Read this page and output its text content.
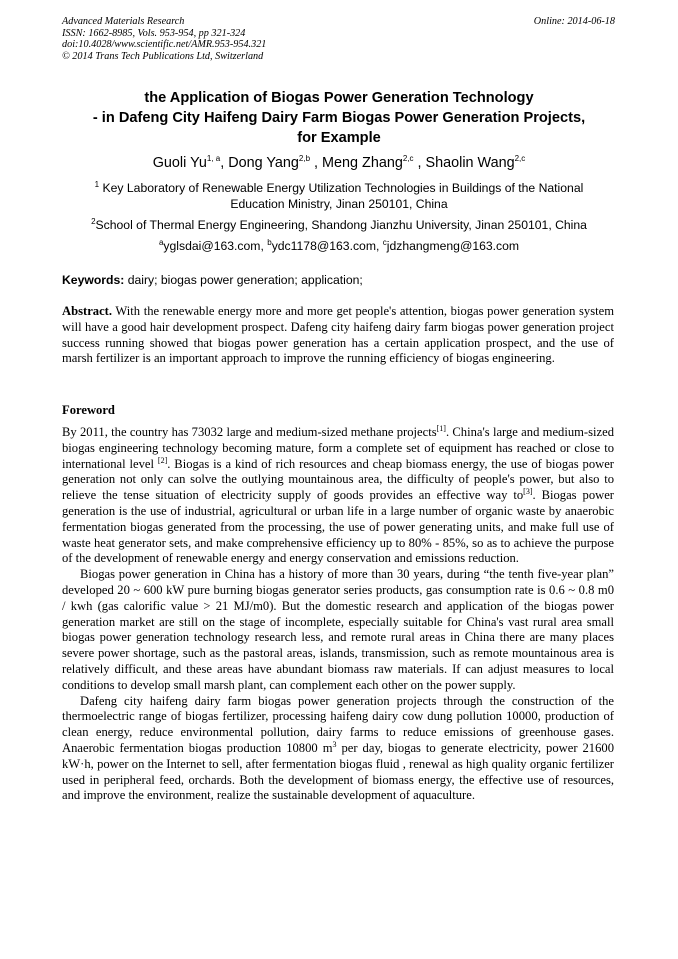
Advanced Materials Research
ISSN: 1662-8985, Vols. 953-954, pp 321-324
doi:10.4028/www.scientific.net/AMR.953-954.321
© 2014 Trans Tech Publications Ltd, Switzerland
Online: 2014-06-18
the Application of Biogas Power Generation Technology
- in Dafeng City Haifeng Dairy Farm Biogas Power Generation Projects,
for Example
Guoli Yu$^{1, a}$, Dong Yang$^{2,b}$ , Meng Zhang$^{2,c}$ , Shaolin Wang$^{2,c}$
$^1$ Key Laboratory of Renewable Energy Utilization Technologies in Buildings of the National Education Ministry, Jinan 250101, China
$^2$School of Thermal Energy Engineering, Shandong Jianzhu University, Jinan 250101, China
$^a$yglsdai@163.com, $^b$ydc1178@163.com, $^c$jdzhangmeng@163.com
Keywords: dairy; biogas power generation; application;

Abstract. With the renewable energy more and more get people's attention, biogas power generation system will have a good hair development prospect. Dafeng city haifeng dairy farm biogas power generation project success running showed that biogas power generation has a certain application prospect, and the use of marsh fertilizer is an important approach to improve the running efficiency of biogas engineering.

Foreword

By 2011, the country has 73032 large and medium-sized methane projects[1]. China's large and medium-sized biogas engineering technology becoming mature, form a complete set of equipment has reached or close to international level [2]. Biogas is a kind of rich resources and cheap biomass energy, the use of biogas power generation not only can solve the outlying mountainous area, the difficulty of people's power, but also to relieve the tense situation of electricity supply of goods provides an effective way to[3]. Biogas power generation is the use of industrial, agricultural or urban life in a large number of organic waste by anaerobic fermentation biogas generated from the processing, the use of power generating units, and make full use of waste heat generator sets, and make comprehensive efficiency up to 80% - 85%, so as to achieve the purpose of the development of renewable energy and energy conservation and emissions reduction.

Biogas power generation in China has a history of more than 30 years, during “the tenth five-year plan” developed 20 ~ 600 kW pure burning biogas generator series products, gas consumption rate is 0.6 ~ 0.8 m0 / kwh (gas calorific value > 21 MJ/m0). But the domestic research and application of the biogas power generation market are still on the stage of incomplete, especially suitable for China's vast rural area small biogas power generation technology research less, and remote rural areas in China there are many places severe power shortage, such as the pastoral areas, islands, transmission, such as remote mountainous area is relatively difficult, and these areas have abundant biomass raw materials. If can adjust measures to local conditions to develop small marsh plant, can complement each other on the power supply.

Dafeng city haifeng dairy farm biogas power generation projects through the construction of the thermoelectric range of biogas fertilizer, processing haifeng dairy cow dung pollution 10000, production of clean energy, reduce environmental pollution, dairy farms to reduce emissions of greenhouse gases. Anaerobic fermentation biogas production 10800 $m^3$ per day, biogas to generate electricity, power 21600 kW·h, power on the Internet to sell, after fermentation biogas fluid , renewal as high quality organic fertilizer used in peripheral feed, orchards. Both the development of biomass energy, the effective use of resources, and improve the environment, realize the sustainable development of aquaculture.
